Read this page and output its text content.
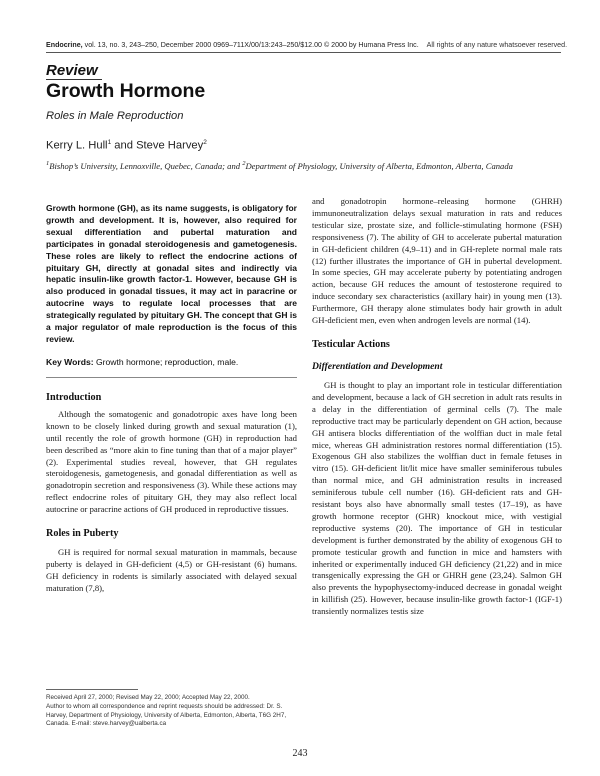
Endocrine, vol. 13, no. 3, 243–250, December 2000 0969–711X/00/13:243–250/$12.00 © 2000 by Humana Press Inc. All rights of any nature whatsoever reserved.
Review
Growth Hormone
Roles in Male Reproduction
Kerry L. Hull$^1$ and Steve Harvey$^2$
$^1$Bishop’s University, Lennoxville, Quebec, Canada; and $^2$Department of Physiology, University of Alberta, Edmonton, Alberta, Canada

Growth hormone (GH), as its name suggests, is obligatory for growth and development. It is, however, also required for sexual differentiation and pubertal maturation and participates in gonadal steroidogenesis and gametogenesis. These roles are likely to reflect the endocrine actions of pituitary GH, directly at gonadal sites and indirectly via hepatic insulin-like growth factor-1. However, because GH is also produced in gonadal tissues, it may act in paracrine or autocrine ways to regulate local processes that are strategically regulated by pituitary GH. The concept that GH is a major regulator of male reproduction is the focus of this review.

Key Words: Growth hormone; reproduction, male.

Introduction

Although the somatogenic and gonadotropic axes have long been known to be closely linked during growth and sexual maturation (1), until recently the role of growth hormone (GH) in reproduction had been described as “more akin to fine tuning than that of a major player” (2). Experimental studies reveal, however, that GH regulates steroidogenesis, gametogenesis, and gonadal differentiation as well as gonadotropin secretion and responsiveness (3). While these actions may reflect endocrine roles of pituitary GH, they may also reflect local autocrine or paracrine actions of GH produced in reproductive tissues.

Roles in Puberty

GH is required for normal sexual maturation in mammals, because puberty is delayed in GH-deficient (4,5) or GH-resistant (6) humans. GH deficiency in rodents is similarly associated with delayed sexual maturation (7,8),

and gonadotropin hormone–releasing hormone (GHRH) immunoneutralization delays sexual maturation in rats and reduces testicular size, prostate size, and follicle-stimulating hormone (FSH) responsiveness (7). The ability of GH to accelerate pubertal maturation in GH-deficient children (4,9–11) and in GH-replete normal male rats (12) further illustrates the importance of GH in pubertal development. In some species, GH may accelerate puberty by potentiating androgen action, because GH reduces the amount of testosterone required to induce secondary sex characteristics (axillary hair) in young men (13). Furthermore, GH therapy alone stimulates body hair growth in adult GH-deficient men, even when androgen levels are normal (14).

Testicular Actions
Differentiation and Development

GH is thought to play an important role in testicular differentiation and development, because a lack of GH secretion in adult rats results in a delay in the differentiation of germinal cells (7). The male reproductive tract may be particularly dependent on GH action, because GH antisera blocks differentiation of the wolffian duct in male fetal mice, whereas GH administration restores normal differentiation (15). Exogenous GH also stabilizes the wolffian duct in female fetuses in vitro (15). GH-deficient lit/lit mice have smaller seminiferous tubules than normal mice, and GH administration results in increased seminiferous tubule cell number (16). GH-deficient rats and GH-resistant boys also have abnormally small testes (17–19), as have growth hormone receptor (GHR) knockout mice, with vestigial reproductive systems (20). The importance of GH in testicular development is further demonstrated by the ability of exogenous GH to promote testicular growth and function in mice and hamsters with inherited or experimentally induced GH deficiency (21,22) and in mice transgenically expressing the GH or GHRH gene (23,24). Salmon GH also prevents the hypophysectomy-induced decrease in gonadal weight in killifish (25). However, because insulin-like growth factor-1 (IGF-1) transiently normalizes testis size

Received April 27, 2000; Revised May 22, 2000; Accepted May 22, 2000.
Author to whom all correspondence and reprint requests should be addressed: Dr. S. Harvey, Department of Physiology, University of Alberta, Edmonton, Alberta, T6G 2H7, Canada. E-mail: steve.harvey@ualberta.ca
243
